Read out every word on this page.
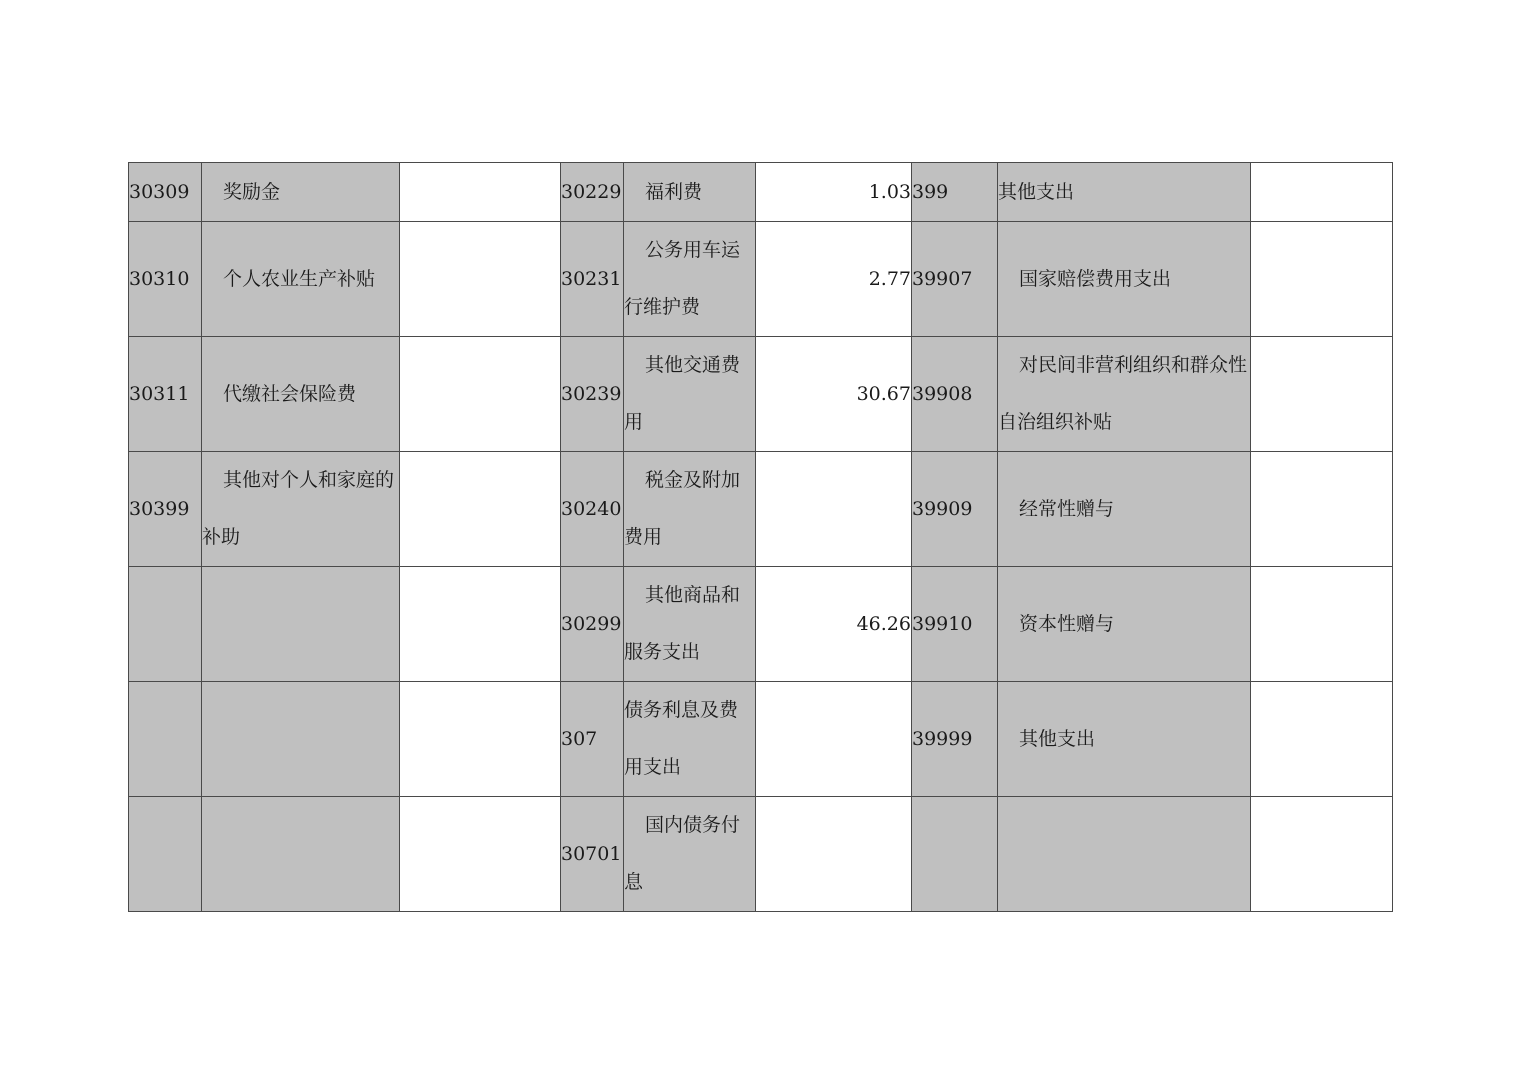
30309	奖励金		30229	福利费	1.03	399	其他支出	
30310	个人农业生产补贴		30231	公务用车运行维护费	2.77	39907	国家赔偿费用支出	
30311	代缴社会保险费		30239	其他交通费用	30.67	39908	对民间非营利组织和群众性自治组织补贴	
30399	其他对个人和家庭的补助		30240	税金及附加费用		39909	经常性赠与	
			30299	其他商品和服务支出	46.26	39910	资本性赠与	
			307	债务利息及费用支出		39999	其他支出	
			30701	国内债务付息				
